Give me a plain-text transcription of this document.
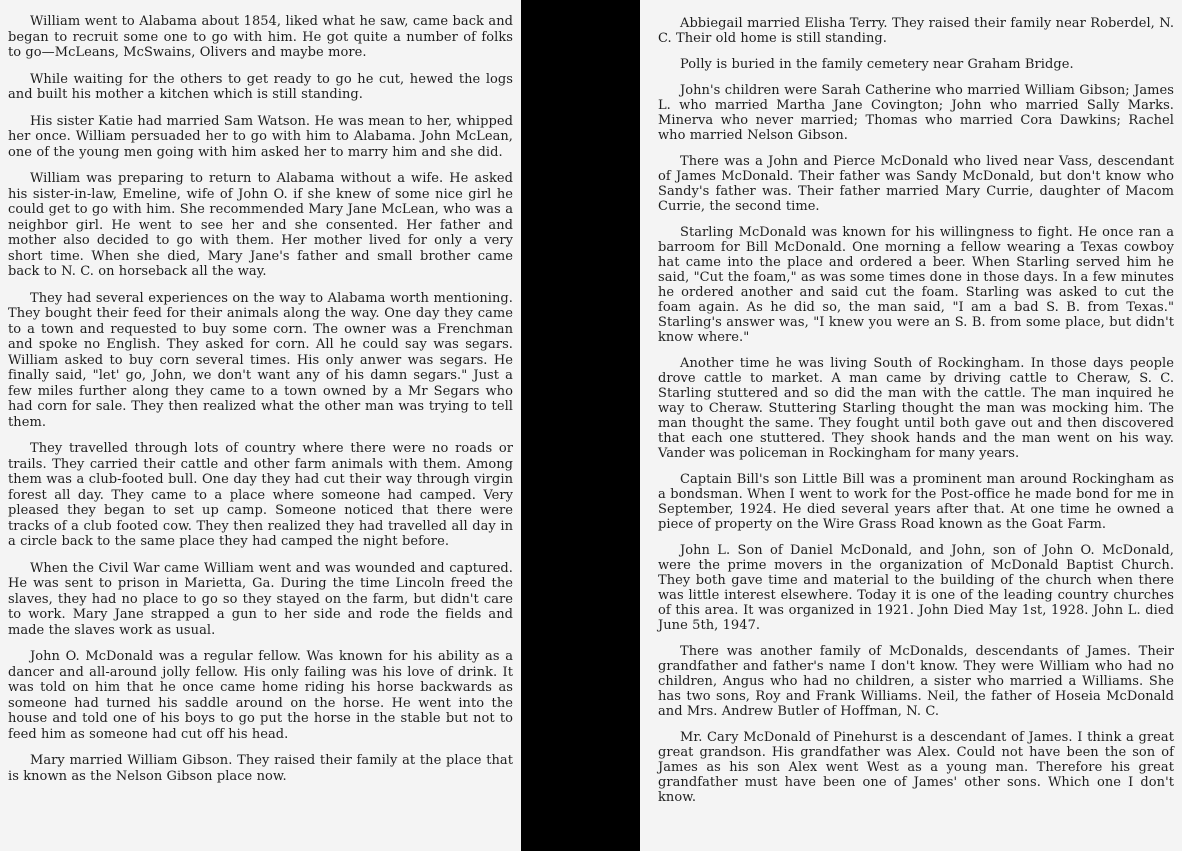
William went to Alabama about 1854, liked what he saw, came back and began to recruit some one to go with him. He got quite a number of folks to go—McLeans, McSwains, Olivers and maybe more.

While waiting for the others to get ready to go he cut, hewed the logs and built his mother a kitchen which is still standing.

His sister Katie had married Sam Watson. He was mean to her, whipped her once. William persuaded her to go with him to Alabama. John McLean, one of the young men going with him asked her to marry him and she did.

William was preparing to return to Alabama without a wife. He asked his sister-in-law, Emeline, wife of John O. if she knew of some nice girl he could get to go with him. She recommended Mary Jane McLean, who was a neighbor girl. He went to see her and she consented. Her father and mother also decided to go with them. Her mother lived for only a very short time. When she died, Mary Jane's father and small brother came back to N. C. on horseback all the way.

They had several experiences on the way to Alabama worth mentioning. They bought their feed for their animals along the way. One day they came to a town and requested to buy some corn. The owner was a Frenchman and spoke no English. They asked for corn. All he could say was segars. William asked to buy corn several times. His only anwer was segars. He finally said, "let' go, John, we don't want any of his damn segars." Just a few miles further along they came to a town owned by a Mr Segars who had corn for sale. They then realized what the other man was trying to tell them.

They travelled through lots of country where there were no roads or trails. They carried their cattle and other farm animals with them. Among them was a club-footed bull. One day they had cut their way through virgin forest all day. They came to a place where someone had camped. Very pleased they began to set up camp. Someone noticed that there were tracks of a club footed cow. They then realized they had travelled all day in a circle back to the same place they had camped the night before.

When the Civil War came William went and was wounded and captured. He was sent to prison in Marietta, Ga. During the time Lincoln freed the slaves, they had no place to go so they stayed on the farm, but didn't care to work. Mary Jane strapped a gun to her side and rode the fields and made the slaves work as usual.

John O. McDonald was a regular fellow. Was known for his ability as a dancer and all-around jolly fellow. His only failing was his love of drink. It was told on him that he once came home riding his horse backwards as someone had turned his saddle around on the horse. He went into the house and told one of his boys to go put the horse in the stable but not to feed him as someone had cut off his head.

Mary married William Gibson. They raised their family at the place that is known as the Nelson Gibson place now.

Abbiegail married Elisha Terry. They raised their family near Roberdel, N. C. Their old home is still standing.

Polly is buried in the family cemetery near Graham Bridge.

John's children were Sarah Catherine who married William Gibson; James L. who married Martha Jane Covington; John who married Sally Marks. Minerva who never married; Thomas who married Cora Dawkins; Rachel who married Nelson Gibson.

There was a John and Pierce McDonald who lived near Vass, descendant of James McDonald. Their father was Sandy McDonald, but don't know who Sandy's father was. Their father married Mary Currie, daughter of Macom Currie, the second time.

Starling McDonald was known for his willingness to fight. He once ran a barroom for Bill McDonald. One morning a fellow wearing a Texas cowboy hat came into the place and ordered a beer. When Starling served him he said, "Cut the foam," as was some times done in those days. In a few minutes he ordered another and said cut the foam. Starling was asked to cut the foam again. As he did so, the man said, "I am a bad S. B. from Texas." Starling's answer was, "I knew you were an S. B. from some place, but didn't know where."

Another time he was living South of Rockingham. In those days people drove cattle to market. A man came by driving cattle to Cheraw, S. C. Starling stuttered and so did the man with the cattle. The man inquired he way to Cheraw. Stuttering Starling thought the man was mocking him. The man thought the same. They fought until both gave out and then discovered that each one stuttered. They shook hands and the man went on his way. Vander was policeman in Rockingham for many years.

Captain Bill's son Little Bill was a prominent man around Rockingham as a bondsman. When I went to work for the Post-office he made bond for me in September, 1924. He died several years after that. At one time he owned a piece of property on the Wire Grass Road known as the Goat Farm.

John L. Son of Daniel McDonald, and John, son of John O. McDonald, were the prime movers in the organization of McDonald Baptist Church. They both gave time and material to the building of the church when there was little interest elsewhere. Today it is one of the leading country churches of this area. It was organized in 1921. John Died May 1st, 1928. John L. died June 5th, 1947.

There was another family of McDonalds, descendants of James. Their grandfather and father's name I don't know. They were William who had no children, Angus who had no children, a sister who married a Williams. She has two sons, Roy and Frank Williams. Neil, the father of Hoseia McDonald and Mrs. Andrew Butler of Hoffman, N. C.

Mr. Cary McDonald of Pinehurst is a descendant of James. I think a great great grandson. His grandfather was Alex. Could not have been the son of James as his son Alex went West as a young man. Therefore his great grandfather must have been one of James' other sons. Which one I don't know.
